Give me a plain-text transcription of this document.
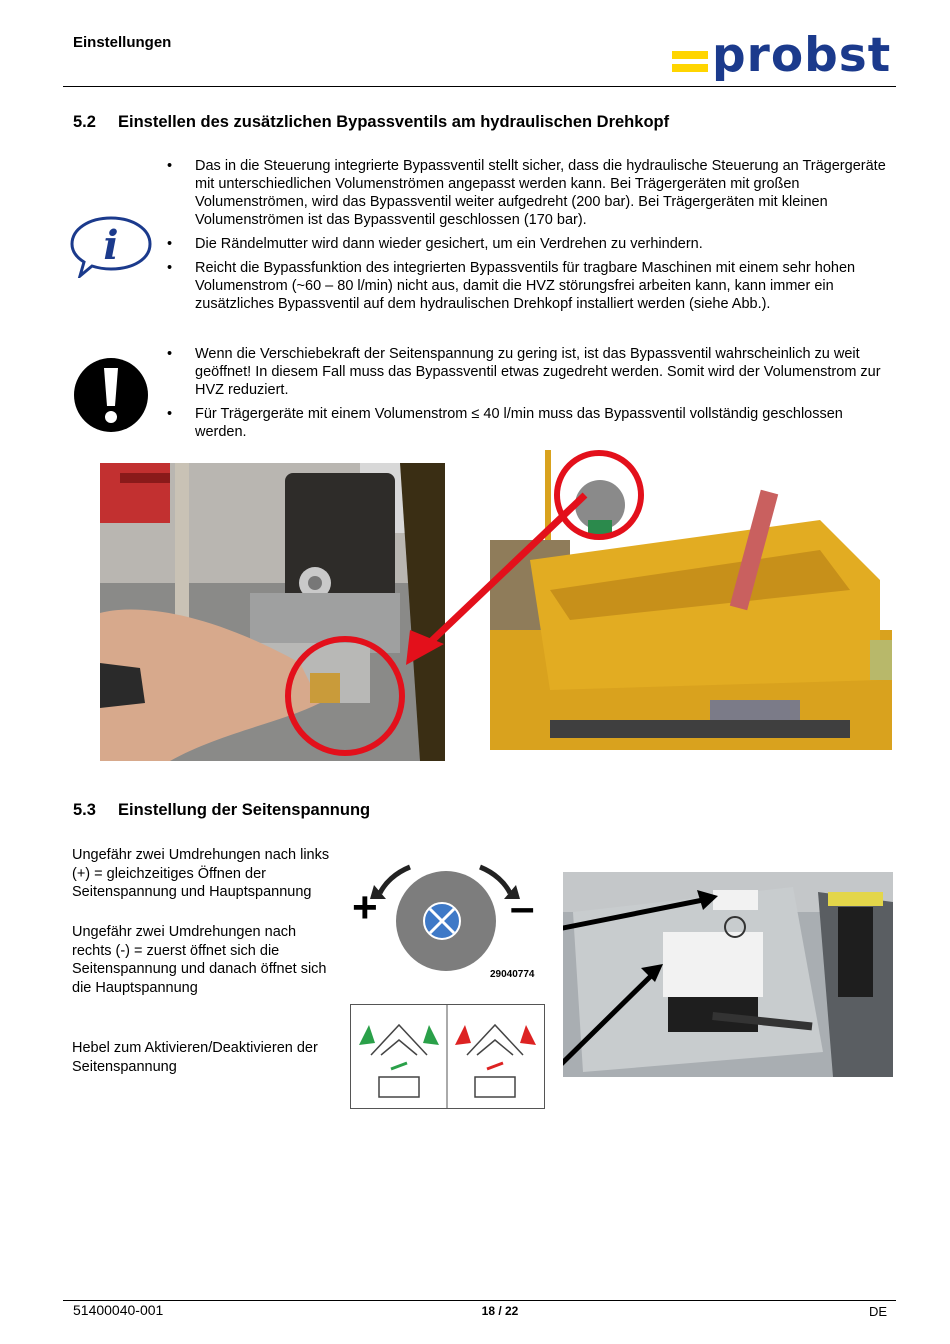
Einstellungen	probst
5.2 Einstellen des zusätzlichen Bypassventils am hydraulischen Drehkopf
i
• Das in die Steuerung integrierte Bypassventil stellt sicher, dass die hydraulische Steuerung an Trägergeräte mit unterschiedlichen Volumenströmen angepasst werden kann. Bei Trägergeräten mit großen Volumenströmen, wird das Bypassventil weiter aufgedreht (200 bar). Bei Trägergeräten mit kleinen Volumenströmen ist das Bypassventil geschlossen (170 bar).
• Die Rändelmutter wird dann wieder gesichert, um ein Verdrehen zu verhindern.
• Reicht die Bypassfunktion des integrierten Bypassventils für tragbare Maschinen mit einem sehr hohen Volumenstrom (~60 – 80 l/min) nicht aus, damit die HVZ störungsfrei arbeiten kann, kann immer ein zusätzliches Bypassventil auf dem hydraulischen Drehkopf installiert werden (siehe Abb.).
• Wenn die Verschiebekraft der Seitenspannung zu gering ist, ist das Bypassventil wahrscheinlich zu weit geöffnet! In diesem Fall muss das Bypassventil etwas zugedreht werden. Somit wird der Volumenstrom zur HVZ reduziert.
• Für Trägergeräte mit einem Volumenstrom ≤ 40 l/min muss das Bypassventil vollständig geschlossen werden.
5.3 Einstellung der Seitenspannung
Ungefähr zwei Umdrehungen nach links (+) = gleichzeitiges Öffnen der Seitenspannung und Hauptspannung
Ungefähr zwei Umdrehungen nach rechts (-) = zuerst öffnet sich die Seitenspannung und danach öffnet sich die Hauptspannung
Hebel zum Aktivieren/Deaktivieren der Seitenspannung
+	–
29040774
51400040-001	18 / 22	DE
